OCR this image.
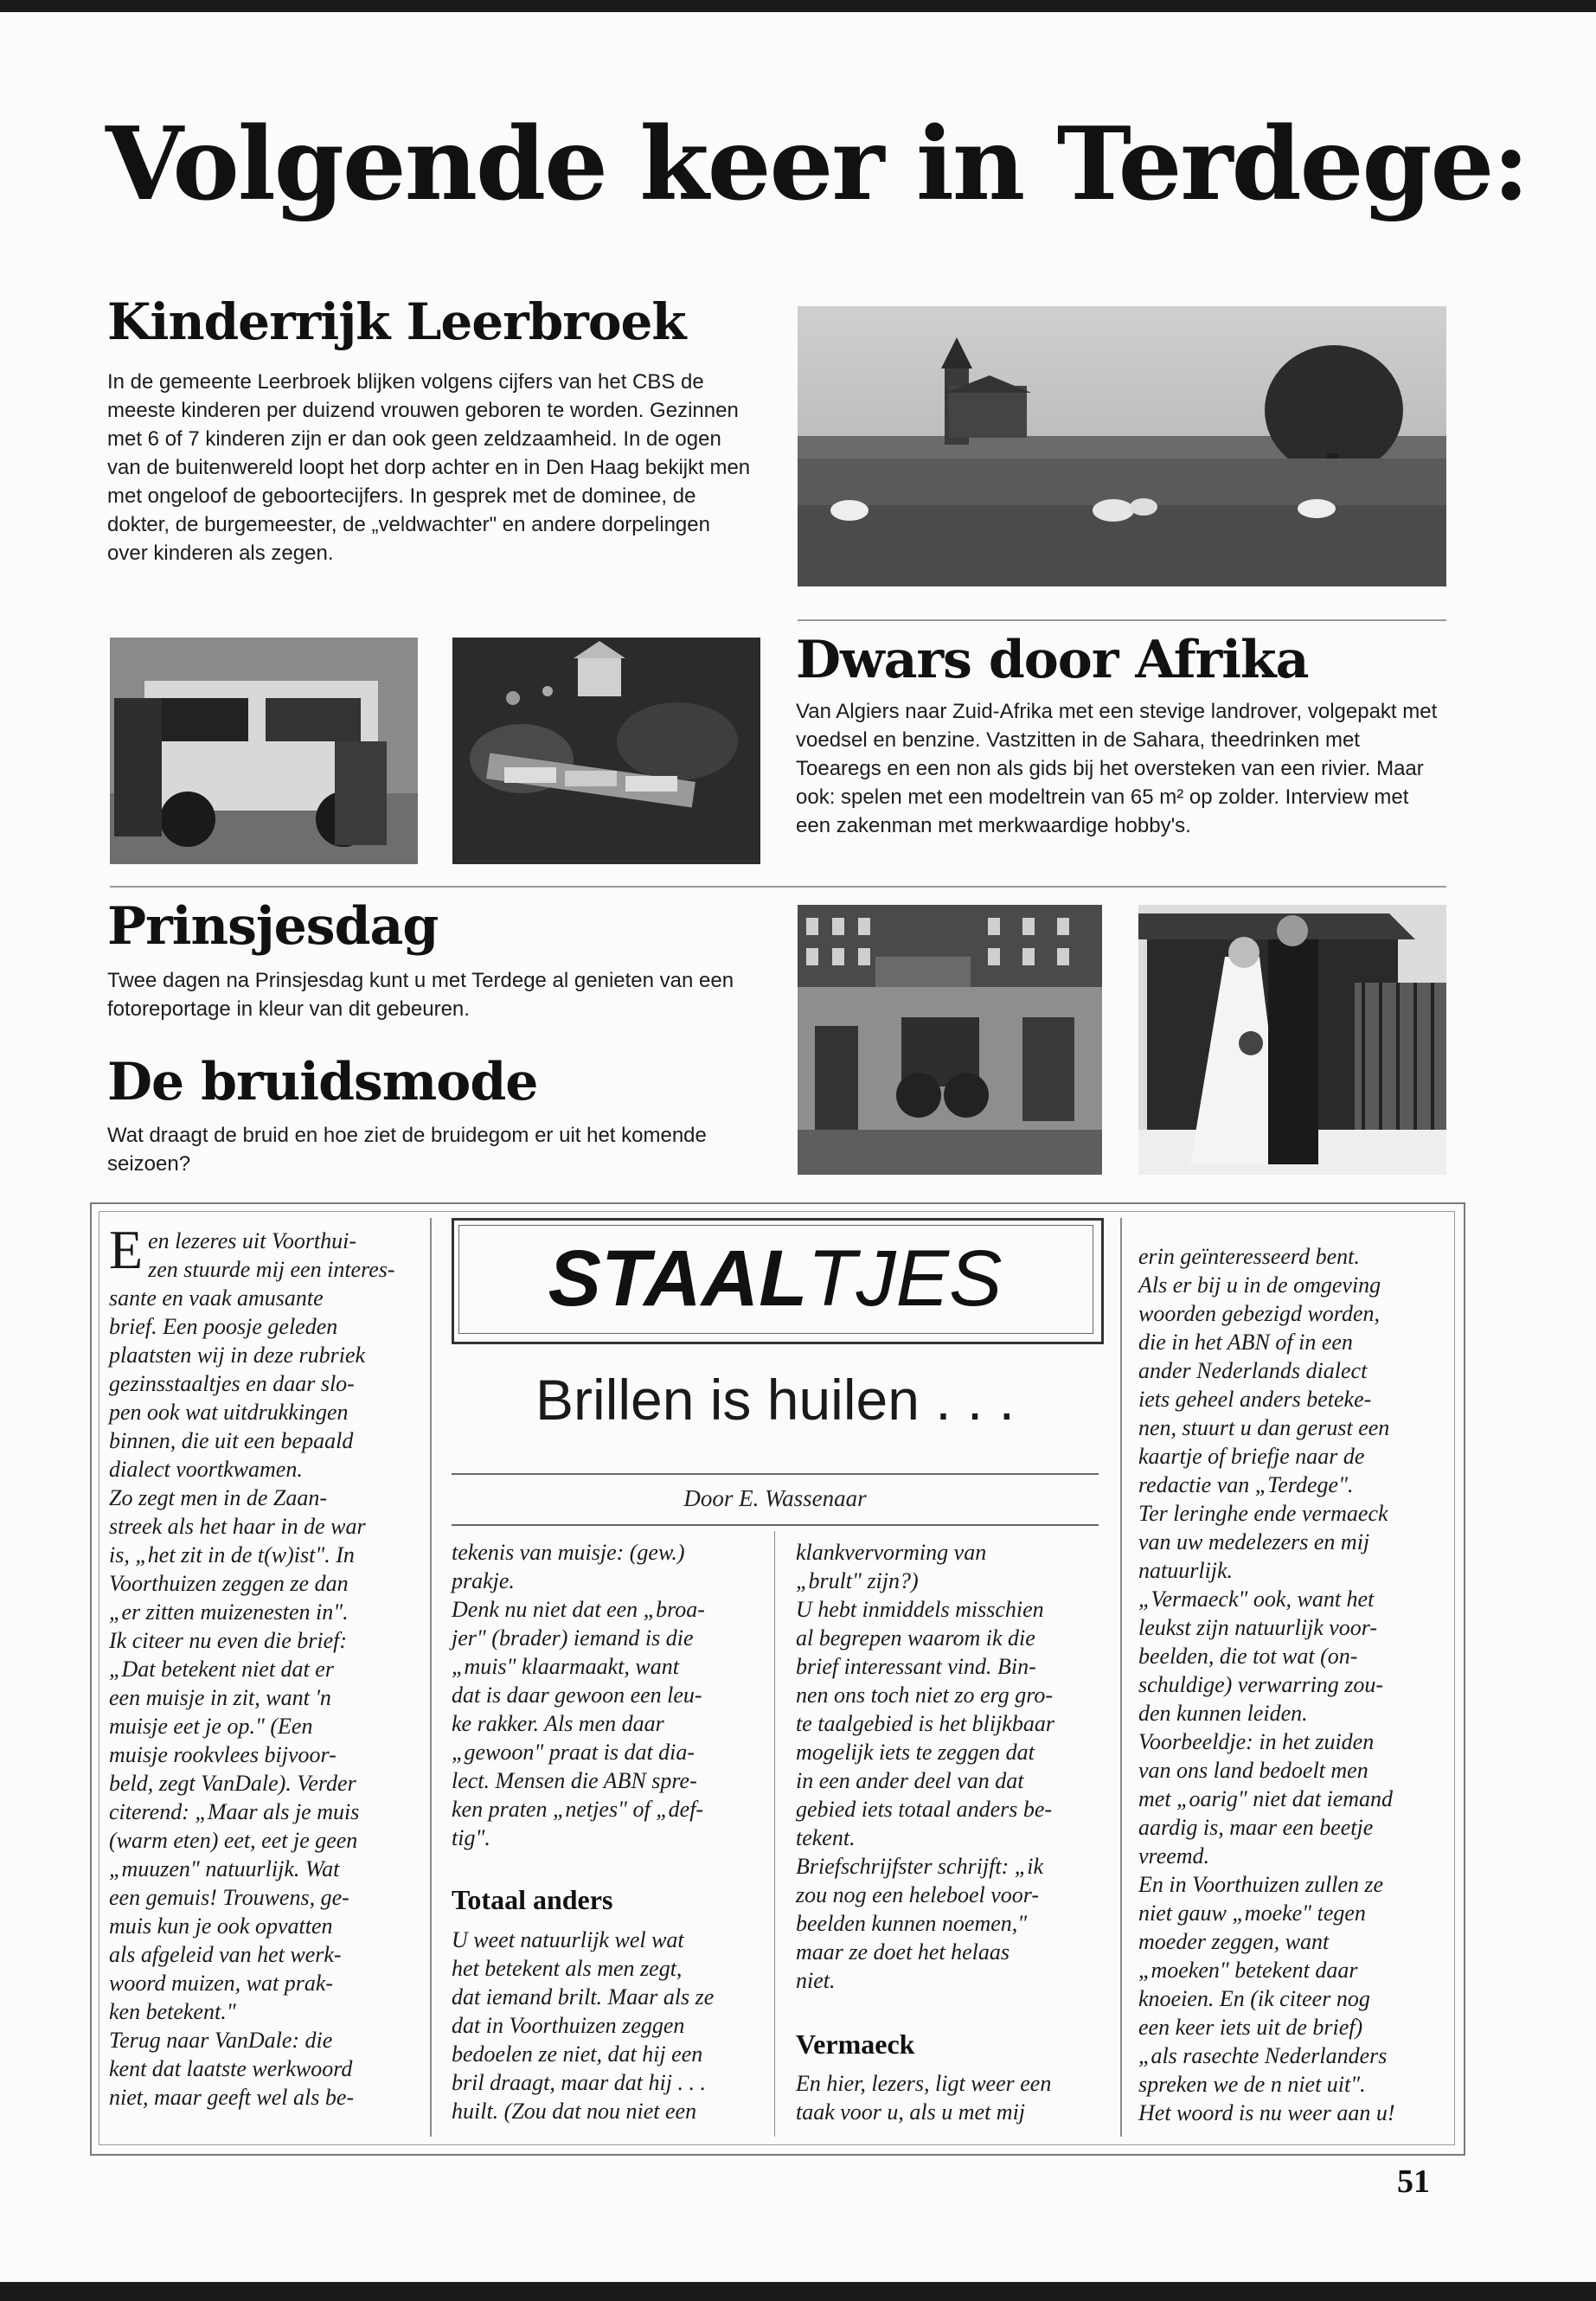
Volgende keer in Terdege:
Kinderrijk Leerbroek
In de gemeente Leerbroek blijken volgens cijfers van het CBS de meeste kinderen per duizend vrouwen geboren te worden. Gezinnen met 6 of 7 kinderen zijn er dan ook geen zeldzaamheid. In de ogen van de buitenwereld loopt het dorp achter en in Den Haag bekijkt men met ongeloof de geboortecijfers. In gesprek met de dominee, de dokter, de burgemeester, de „veldwachter" en andere dorpelingen over kinderen als zegen.
Dwars door Afrika
Van Algiers naar Zuid-Afrika met een stevige landrover, volgepakt met voedsel en benzine. Vastzitten in de Sahara, theedrinken met Toearegs en een non als gids bij het oversteken van een rivier. Maar ook: spelen met een modeltrein van 65 m² op zolder. Interview met een zakenman met merkwaardige hobby's.
Prinsjesdag
Twee dagen na Prinsjesdag kunt u met Terdege al genieten van een fotoreportage in kleur van dit gebeuren.
De bruidsmode
Wat draagt de bruid en hoe ziet de bruidegom er uit het komende seizoen?
STAALTJES
Brillen is huilen . . .
Door E. Wassenaar
E en lezeres uit Voorthui-

zen stuurde mij een interes-

sante en vaak amusante

brief. Een poosje geleden

plaatsten wij in deze rubriek

gezinsstaaltjes en daar slo-

pen ook wat uitdrukkingen

binnen, die uit een bepaald

dialect voortkwamen.

Zo zegt men in de Zaan-

streek als het haar in de war

is, „het zit in de t(w)ist". In

Voorthuizen zeggen ze dan

„er zitten muizenesten in".

Ik citeer nu even die brief:

„Dat betekent niet dat er

een muisje in zit, want 'n

muisje eet je op." (Een

muisje rookvlees bijvoor-

beld, zegt VanDale). Verder

citerend: „Maar als je muis

(warm eten) eet, eet je geen

„muuzen" natuurlijk. Wat

een gemuis! Trouwens, ge-

muis kun je ook opvatten

als afgeleid van het werk-

woord muizen, wat prak-

ken betekent."

Terug naar VanDale: die

kent dat laatste werkwoord

niet, maar geeft wel als be-

tekenis van muisje: (gew.)

prakje.

Denk nu niet dat een „broa-

jer" (brader) iemand is die

„muis" klaarmaakt, want

dat is daar gewoon een leu-

ke rakker. Als men daar

„gewoon" praat is dat dia-

lect. Mensen die ABN spre-

ken praten „netjes" of „def-

tig".

Totaal anders

U weet natuurlijk wel wat

het betekent als men zegt,

dat iemand brilt. Maar als ze

dat in Voorthuizen zeggen

bedoelen ze niet, dat hij een

bril draagt, maar dat hij . . .

huilt. (Zou dat nou niet een

klankvervorming van

„brult" zijn?)

U hebt inmiddels misschien

al begrepen waarom ik die

brief interessant vind. Bin-

nen ons toch niet zo erg gro-

te taalgebied is het blijkbaar

mogelijk iets te zeggen dat

in een ander deel van dat

gebied iets totaal anders be-

tekent.

Briefschrijfster schrijft: „ik

zou nog een heleboel voor-

beelden kunnen noemen,"

maar ze doet het helaas

niet.

Vermaeck

En hier, lezers, ligt weer een

taak voor u, als u met mij

erin geïnteresseerd bent.

Als er bij u in de omgeving

woorden gebezigd worden,

die in het ABN of in een

ander Nederlands dialect

iets geheel anders beteke-

nen, stuurt u dan gerust een

kaartje of briefje naar de

redactie van „Terdege".

Ter leringhe ende vermaeck

van uw medelezers en mij

natuurlijk.

„Vermaeck" ook, want het

leukst zijn natuurlijk voor-

beelden, die tot wat (on-

schuldige) verwarring zou-

den kunnen leiden.

Voorbeeldje: in het zuiden

van ons land bedoelt men

met „oarig" niet dat iemand

aardig is, maar een beetje

vreemd.

En in Voorthuizen zullen ze

niet gauw „moeke" tegen

moeder zeggen, want

„moeken" betekent daar

knoeien. En (ik citeer nog

een keer iets uit de brief)

„als rasechte Nederlanders

spreken we de n niet uit".

Het woord is nu weer aan u!

51
